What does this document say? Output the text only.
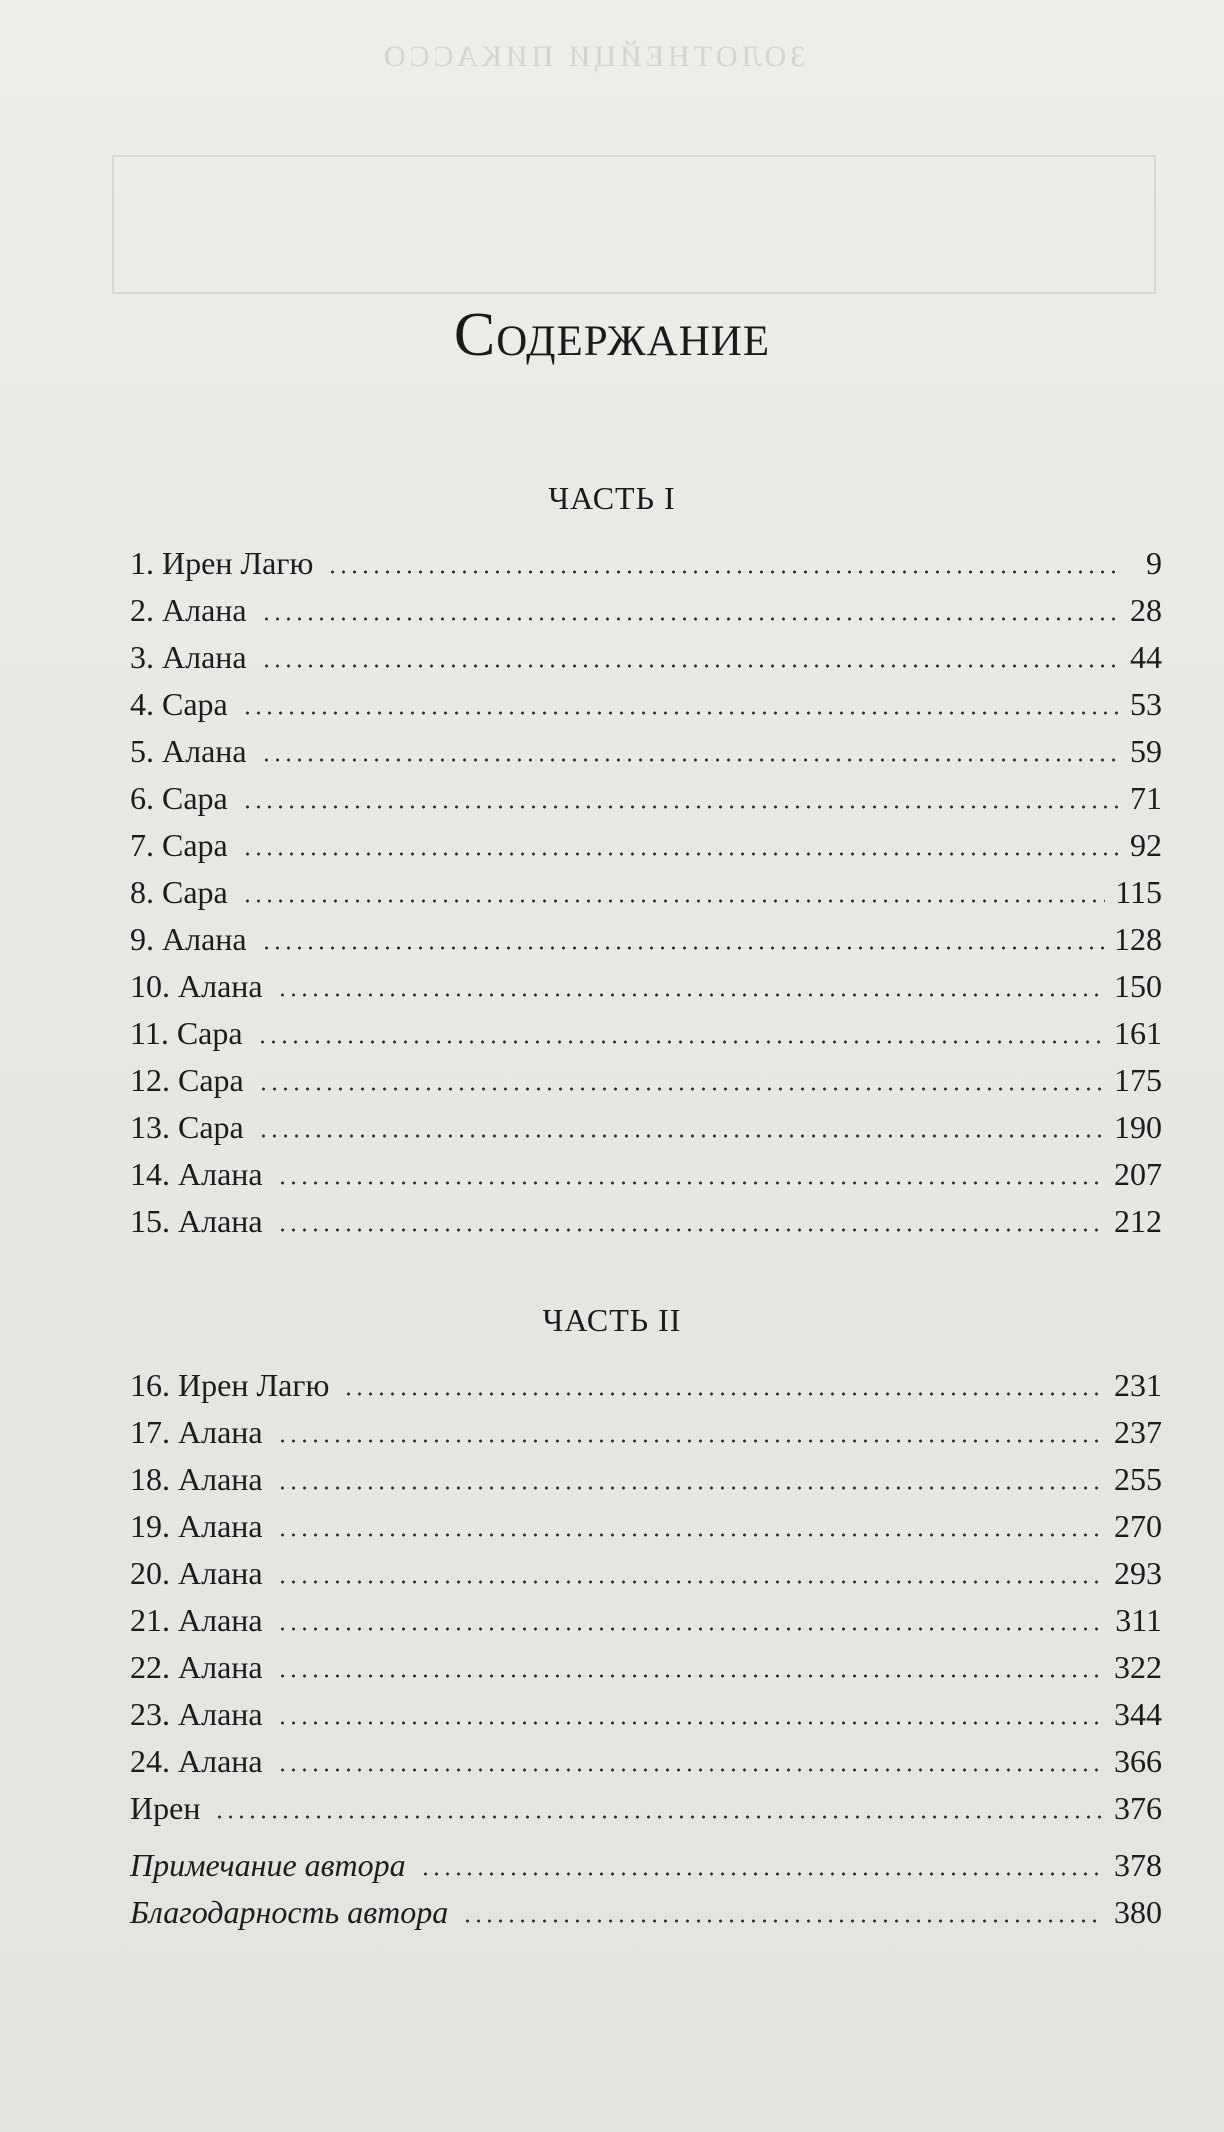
ЗОЛОТНЕЙЦИ ПИКАССО
Содержание
ЧАСТЬ I
1. Ирен Лагю	9
2. Алана	28
3. Алана	44
4. Сара	53
5. Алана	59
6. Сара	71
7. Сара	92
8. Сара	115
9. Алана	128
10. Алана	150
11. Сара	161
12. Сара	175
13. Сара	190
14. Алана	207
15. Алана	212
ЧАСТЬ II
16. Ирен Лагю	231
17. Алана	237
18. Алана	255
19. Алана	270
20. Алана	293
21. Алана	311
22. Алана	322
23. Алана	344
24. Алана	366
Ирен	376
Примечание автора	378
Благодарность автора	380
